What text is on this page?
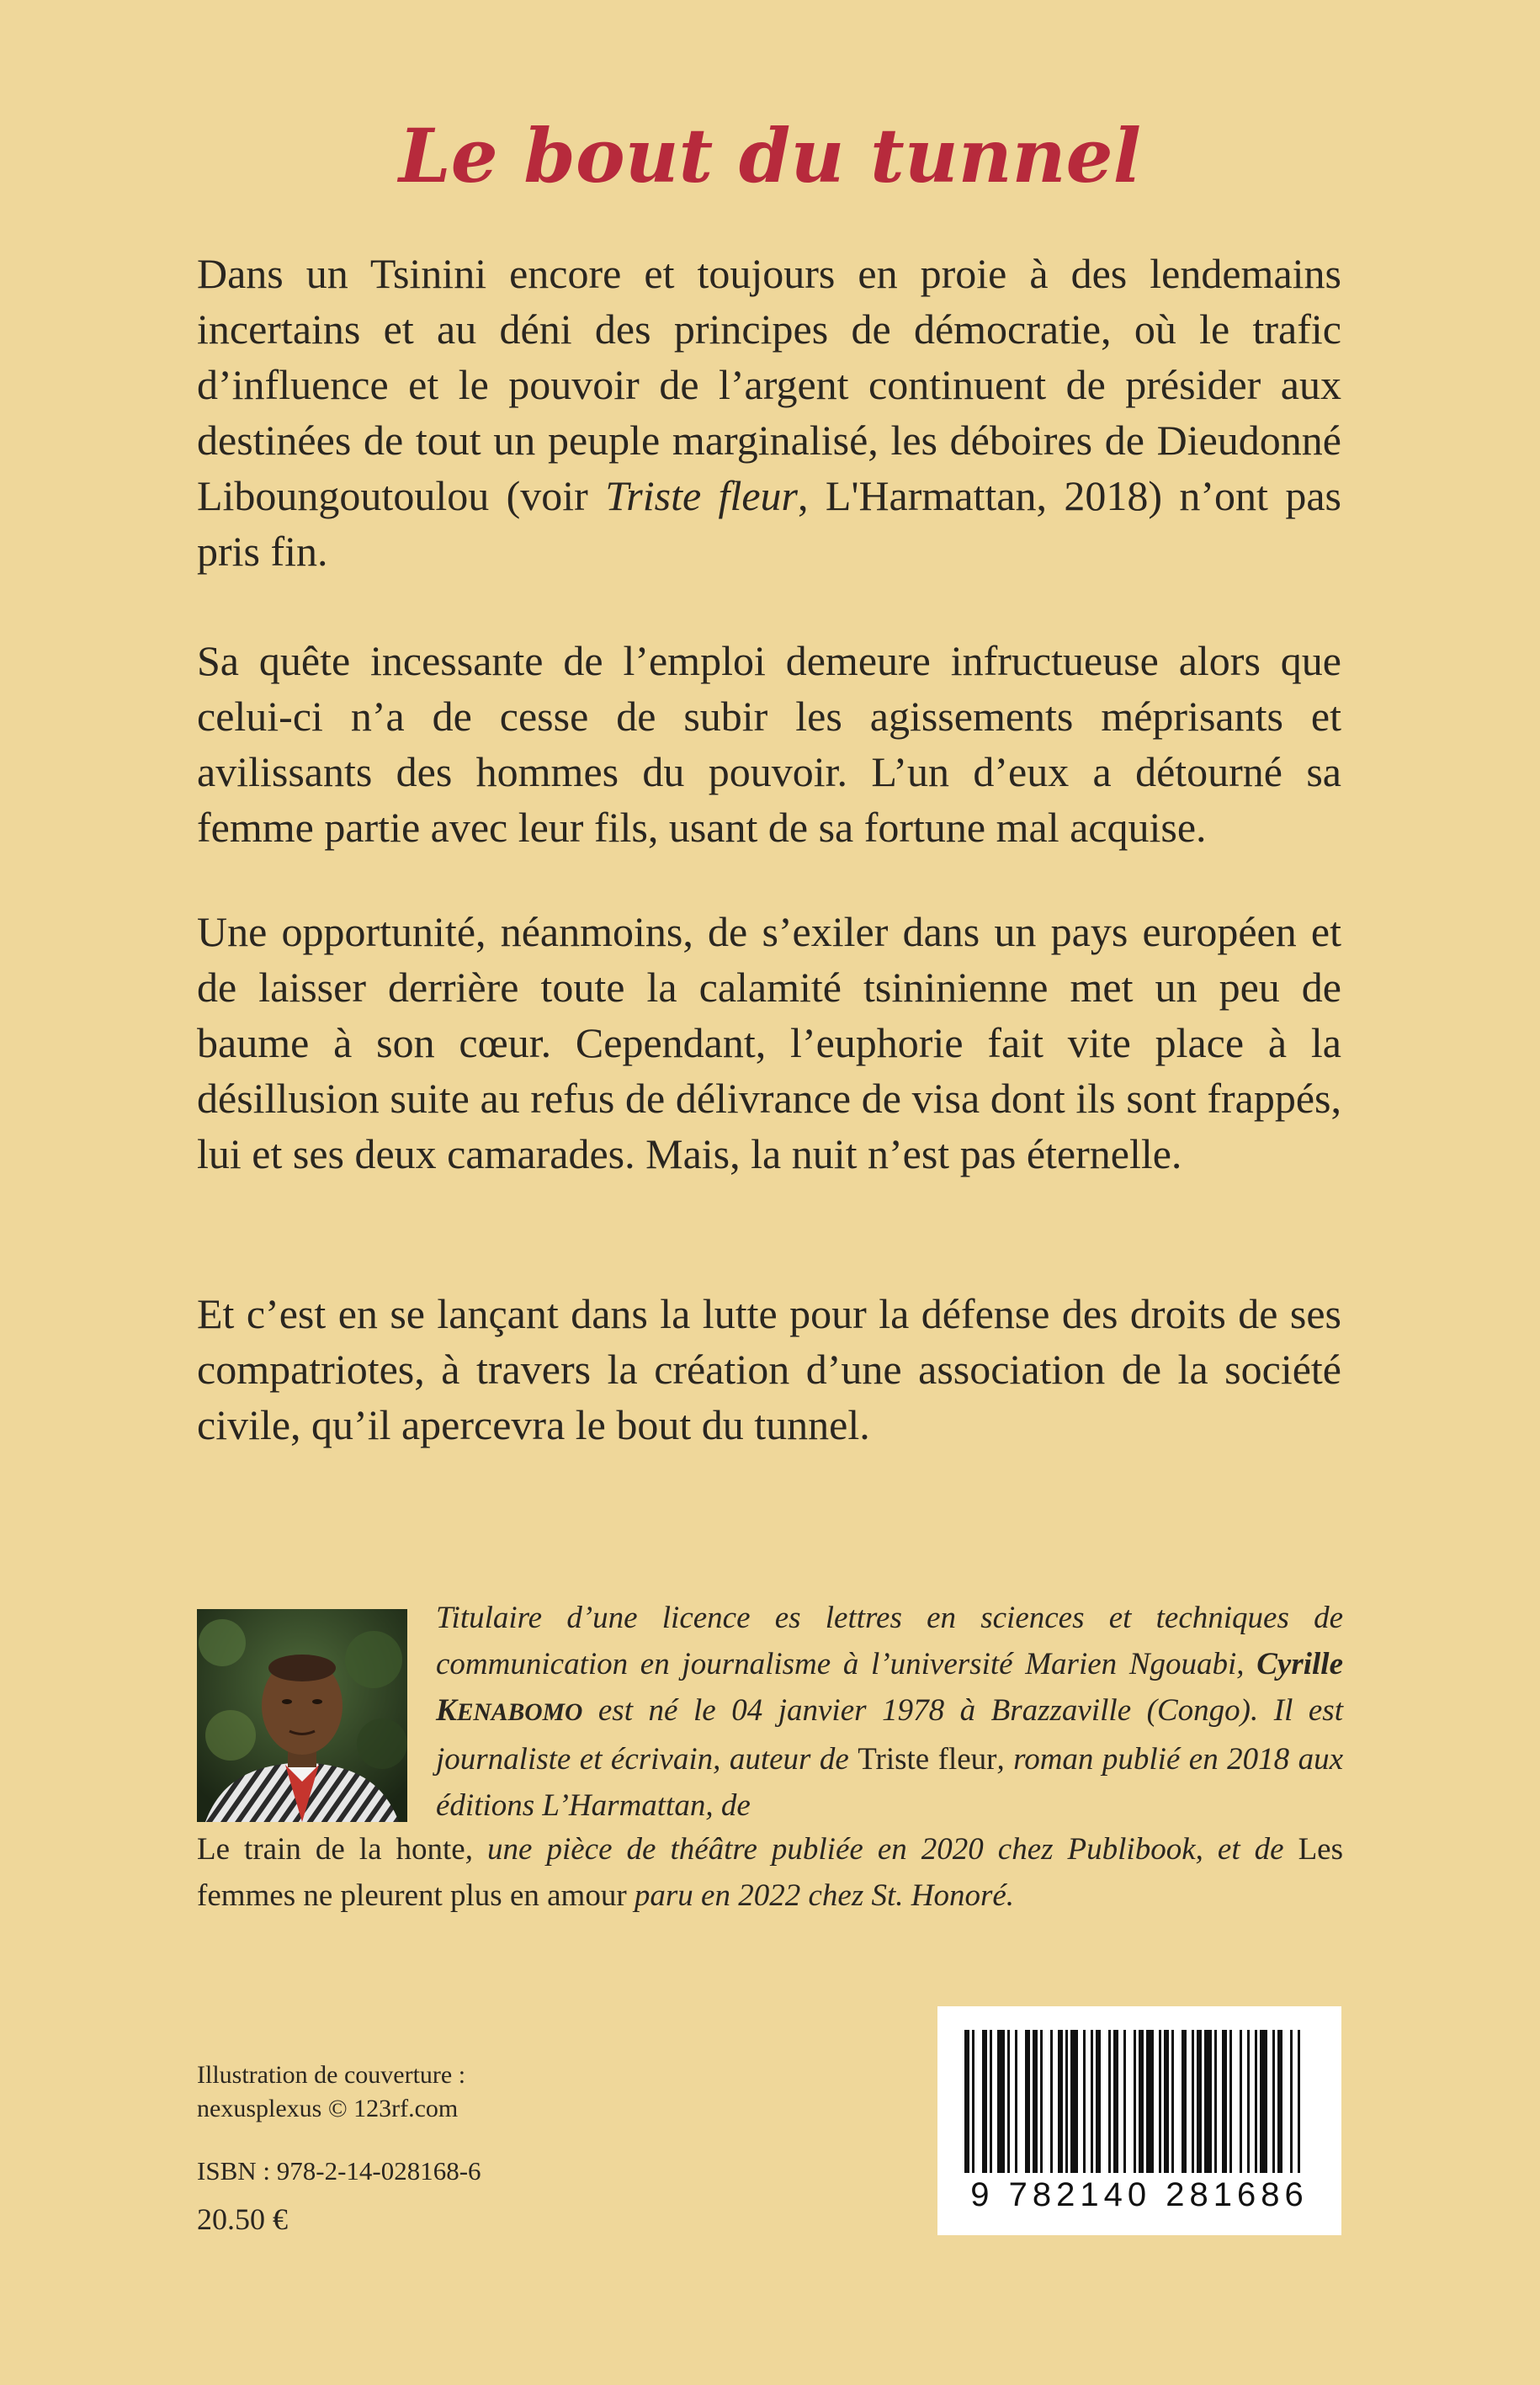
Le bout du tunnel

Dans un Tsinini encore et toujours en proie à des lendemains incertains et au déni des principes de démocratie, où le trafic d’influence et le pouvoir de l’argent continuent de présider aux destinées de tout un peuple marginalisé, les déboires de Dieudonné Liboungoutoulou (voir Triste fleur, L'Harmattan, 2018) n’ont pas pris fin.

Sa quête incessante de l’emploi demeure infructueuse alors que celui-ci n’a de cesse de subir les agissements méprisants et avilissants des hommes du pouvoir. L’un d’eux a détourné sa femme partie avec leur fils, usant de sa fortune mal acquise.

Une opportunité, néanmoins, de s’exiler dans un pays européen et de laisser derrière toute la calamité tsininienne met un peu de baume à son cœur. Cependant, l’euphorie fait vite place à la désillusion suite au refus de délivrance de visa dont ils sont frappés, lui et ses deux camarades. Mais, la nuit n’est pas éternelle.

Et c’est en se lançant dans la lutte pour la défense des droits de ses compatriotes, à travers la création d’une association de la société civile, qu’il apercevra le bout du tunnel.

Titulaire d’une licence es lettres en sciences et techniques de communication en journalisme à l’université Marien Ngouabi, Cyrille KENABOMO est né le 04 janvier 1978 à Brazzaville (Congo). Il est journaliste et écrivain, auteur de Triste fleur, roman publié en 2018 aux éditions L’Harmattan, de

Le train de la honte, une pièce de théâtre publiée en 2020 chez Publibook, et de Les femmes ne pleurent plus en amour paru en 2022 chez St. Honoré.

Illustration de couverture :
nexusplexus © 123rf.com
ISBN : 978-2-14-028168-6
20.50 €
9 782140 281686
